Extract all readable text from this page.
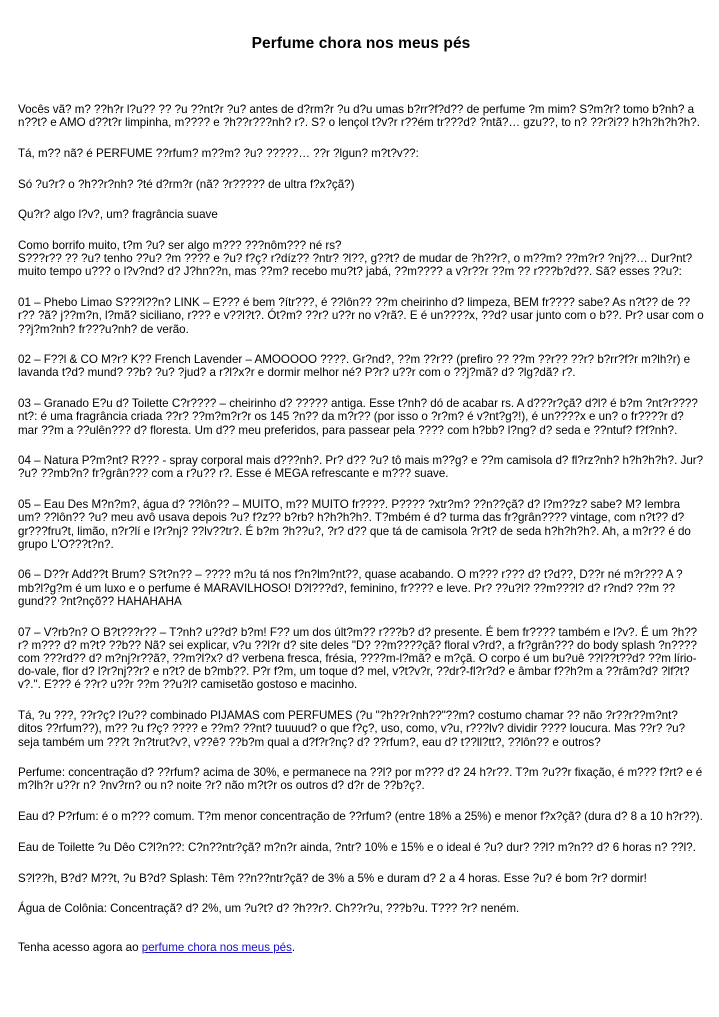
Perfume chora nos meus pés

Vocês vã? m? ??h?r l?u?? ?? ?u ??nt?r ?u? antes de d?rm?r ?u d?u umas b?rr?f?d?? de perfume ?m mim? S?m?r? tomo b?nh? a n??t? e AMO d??t?r limpinha, m???? e ?h??r???nh? r?. S? o lençol t?v?r r??ém tr???d? ?ntã?… gzu??, to n? ??r?i?? h?h?h?h?h?.

Tá, m?? nã? é PERFUME ??rfum? m??m? ?u? ?????… ??r ?lgun? m?t?v??:

Só ?u?r? o ?h??r?nh? ?té d?rm?r (nã? ?r????? de ultra f?x?çã?)

Qu?r? algo l?v?, um? fragrância suave

Como borrifo muito, t?m ?u? ser algo m??? ???nôm??? né rs?
S???r?? ?? ?u? tenho ??u? ?m ???? e ?u? f?ç? r?díz?? ?ntr? ?l??, g??t? de mudar de ?h??r?, o m??m? ??m?r? ?nj??… Dur?nt? muito tempo u??? o l?v?nd? d? J?hn??n, mas ??m? recebo mu?t? jabá, ??m???? a v?r??r ??m ?? r???b?d??. Sã? esses ??u?:

01 – Phebo Limao S???l??n? LINK – E??? é bem ?ítr???, é ??lôn?? ??m cheirinho d? limpeza, BEM fr???? sabe? As n?t?? de ??r?? ?ã? j??m?n, l?mã? siciliano, r??? e v??l?t?. Ót?m? ??r? u??r no v?rã?. E é un????x, ??d? usar junto com o b??. Pr? usar com o ??j?m?nh? fr???u?nh? de verão.

02 – F??l & CO M?r? K?? French Lavender – AMOOOOO ????. Gr?nd?, ??m ??r?? (prefiro ?? ??m ??r?? ??r? b?rr?f?r m?lh?r) e lavanda t?d? mund? ??b? ?u? ?jud? a r?l?x?r e dormir melhor né? P?r? u??r com o ??j?mã? d? ?lg?dã? r?.

03 – Granado E?u d? Toilette C?r???? – cheirinho d? ????? antiga. Esse t?nh? dó de acabar rs. A d???r?çã? d?l? é b?m ?nt?r????nt?: é uma fragrância criada ??r? ??m?m?r?r os 145 ?n?? da m?r?? (por isso o ?r?m? é v?nt?g?!), é un????x e un? o fr????r d? mar ??m a ??ulên??? d? floresta. Um d?? meu preferidos, para passear pela ???? com h?bb? l?ng? d? seda e ??ntuf? f?f?nh?.

04 – Natura P?m?nt? R??? - spray corporal mais d???nh?. Pr? d?? ?u? tô mais m??g? e ??m camisola d? fl?rz?nh? h?h?h?h?. Jur? ?u? ??mb?n? fr?grân??? com a r?u?? r?. Esse é MEGA refrescante e m??? suave.

05 – Eau Des M?n?m?, água d? ??lôn?? – MUITO, m?? MUITO fr????. P???? ?xtr?m? ??n??çã? d? l?m??z? sabe? M? lembra um? ??lôn?? ?u? meu avô usava depois ?u? f?z?? b?rb? h?h?h?h?. T?mbém é d? turma das fr?grân???? vintage, com n?t?? d? gr???fru?t, limão, n?r?lí e l?r?nj? ??lv??tr?. É b?m ?h??u?, ?r? d?? que tá de camisola ?r?t? de seda h?h?h?h?. Ah, a m?r?? é do grupo L'O???t?n?.

06 – D??r Add??t Brum? S?t?n?? – ???? m?u tá nos f?n?lm?nt??, quase acabando. O m??? r??? d? t?d??, D??r né m?r??? A ?mb?l?g?m é um luxo e o perfume é MARAVILHOSO! D?l???d?, feminino, fr???? e leve. Pr? ??u?l? ??m???l? d? r?nd? ??m ??gund?? ?nt?nçõ?? HAHAHAHA

07 – V?rb?n? O B?t???r?? – T?nh? u??d? b?m! F?? um dos últ?m?? r???b? d? presente. É bem fr???? também e l?v?. É um ?h??r? m??? d? m?t? ??b?? Nã? sei explicar, v?u ??l?r d? site deles "D? ??m????çã? floral v?rd?, a fr?grân??? do body splash ?n???? com ???rd?? d? m?nj?r??ã?, ??m?l?x? d? verbena fresca, frésia, ????m-l?mã? e m?çã. O corpo é um bu?uê ??l??t??d? ??m lírio-do-vale, flor d? l?r?nj??r? e n?t? de b?mb??. P?r f?m, um toque d? mel, v?t?v?r, ??dr?-fl?r?d? e âmbar f??h?m a ??râm?d? ?lf?t?v?.". E??? é ??r? u??r ??m ??u?l? camisetão gostoso e macinho.

Tá, ?u ???, ??r?ç? l?u?? combinado PIJAMAS com PERFUMES (?u "?h??r?nh??"??m? costumo chamar ?? não ?r??r??m?nt? ditos ??rfum??), m?? ?u f?ç? ???? e ??m? ??nt? tuuuud? o que f?ç?, uso, como, v?u, r???lv? dividir ???? loucura. Mas ??r? ?u? seja também um ???t ?n?trut?v?, v??ê? ??b?m qual a d?f?r?nç? d? ??rfum?, eau d? t??ll?tt?, ??lôn?? e outros?

Perfume: concentração d? ??rfum? acima de 30%, e permanece na ??l? por m??? d? 24 h?r??. T?m ?u??r fixação, é m??? f?rt? e é m?lh?r u??r n? ?nv?rn? ou n? noite ?r? não m?t?r os outros d? d?r de ??b?ç?.

Eau d? P?rfum: é o m??? comum. T?m menor concentração de ??rfum? (entre 18% a 25%) e menor f?x?çã? (dura d? 8 a 10 h?r??).

Eau de Toilette ?u Dêo C?l?n??: C?n??ntr?çã? m?n?r ainda, ?ntr? 10% e 15% e o ideal é ?u? dur? ??l? m?n?? d? 6 horas n? ??l?.

S?l??h, B?d? M??t, ?u B?d? Splash: Têm ??n??ntr?çã? de 3% a 5% e duram d? 2 a 4 horas. Esse ?u? é bom ?r? dormir!

Água de Colônia: Concentraçã? d? 2%, um ?u?t? d? ?h??r?. Ch??r?u, ???b?u. T??? ?r? neném.

Tenha acesso agora ao perfume chora nos meus pés.
